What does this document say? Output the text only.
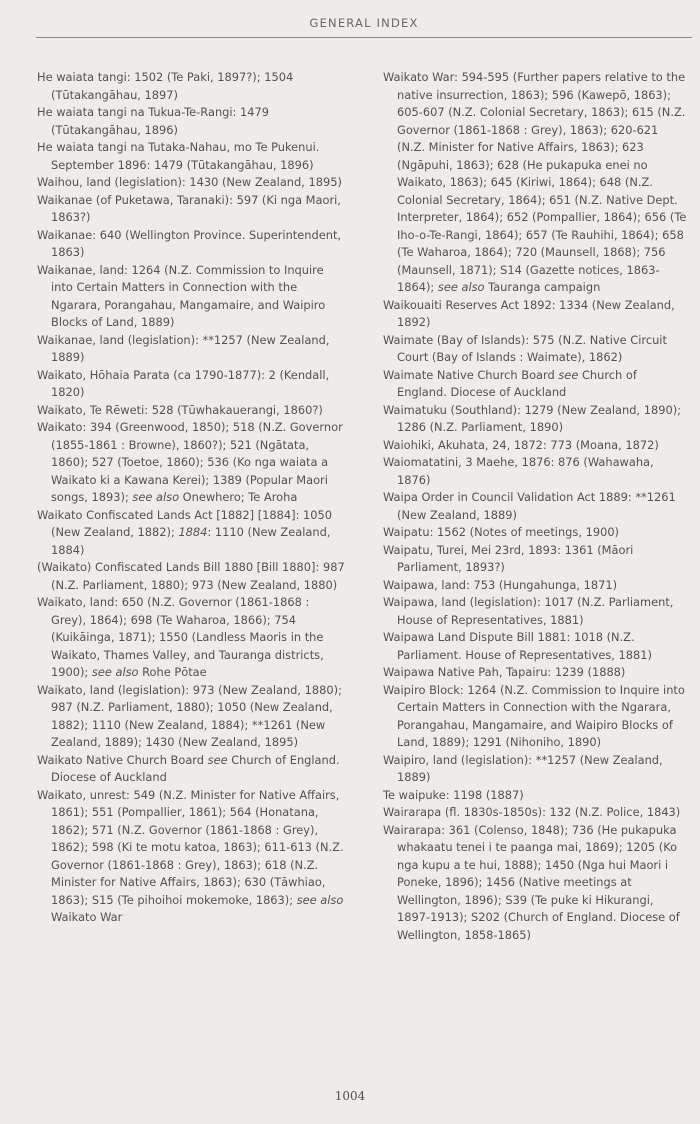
GENERAL INDEX
He waiata tangi: 1502 (Te Paki, 1897?); 1504 (Tūtakangāhau, 1897)
He waiata tangi na Tukua-Te-Rangi: 1479 (Tūtakangāhau, 1896)
He waiata tangi na Tutaka-Nahau, mo Te Pukenui. September 1896: 1479 (Tūtakangāhau, 1896)
Waihou, land (legislation): 1430 (New Zealand, 1895)
Waikanae (of Puketawa, Taranaki): 597 (Ki nga Maori, 1863?)
Waikanae: 640 (Wellington Province. Superintendent, 1863)
Waikanae, land: 1264 (N.Z. Commission to Inquire into Certain Matters in Connection with the Ngarara, Porangahau, Mangamaire, and Waipiro Blocks of Land, 1889)
Waikanae, land (legislation): **1257 (New Zealand, 1889)
Waikato, Hōhaia Parata (ca 1790-1877): 2 (Kendall, 1820)
Waikato, Te Rēweti: 528 (Tūwhakauerangi, 1860?)
Waikato: 394 (Greenwood, 1850); 518 (N.Z. Governor (1855-1861 : Browne), 1860?); 521 (Ngātata, 1860); 527 (Toetoe, 1860); 536 (Ko nga waiata a Waikato ki a Kawana Kerei); 1389 (Popular Maori songs, 1893); see also Onewhero; Te Aroha
Waikato Confiscated Lands Act [1882] [1884]: 1050 (New Zealand, 1882); 1884: 1110 (New Zealand, 1884)
(Waikato) Confiscated Lands Bill 1880 [Bill 1880]: 987 (N.Z. Parliament, 1880); 973 (New Zealand, 1880)
Waikato, land: 650 (N.Z. Governor (1861-1868 : Grey), 1864); 698 (Te Waharoa, 1866); 754 (Kuikāinga, 1871); 1550 (Landless Maoris in the Waikato, Thames Valley, and Tauranga districts, 1900); see also Rohe Pōtae
Waikato, land (legislation): 973 (New Zealand, 1880); 987 (N.Z. Parliament, 1880); 1050 (New Zealand, 1882); 1110 (New Zealand, 1884); **1261 (New Zealand, 1889); 1430 (New Zealand, 1895)
Waikato Native Church Board see Church of England. Diocese of Auckland
Waikato, unrest: 549 (N.Z. Minister for Native Affairs, 1861); 551 (Pompallier, 1861); 564 (Honatana, 1862); 571 (N.Z. Governor (1861-1868 : Grey), 1862); 598 (Ki te motu katoa, 1863); 611-613 (N.Z. Governor (1861-1868 : Grey), 1863); 618 (N.Z. Minister for Native Affairs, 1863); 630 (Tāwhiao, 1863); S15 (Te pihoihoi mokemoke, 1863); see also Waikato War
Waikato War: 594-595 (Further papers relative to the native insurrection, 1863); 596 (Kawepō, 1863); 605-607 (N.Z. Colonial Secretary, 1863); 615 (N.Z. Governor (1861-1868 : Grey), 1863); 620-621 (N.Z. Minister for Native Affairs, 1863); 623 (Ngāpuhi, 1863); 628 (He pukapuka enei no Waikato, 1863); 645 (Kiriwi, 1864); 648 (N.Z. Colonial Secretary, 1864); 651 (N.Z. Native Dept. Interpreter, 1864); 652 (Pompallier, 1864); 656 (Te Iho-o-Te-Rangi, 1864); 657 (Te Rauhihi, 1864); 658 (Te Waharoa, 1864); 720 (Maunsell, 1868); 756 (Maunsell, 1871); S14 (Gazette notices, 1863-1864); see also Tauranga campaign
Waikouaiti Reserves Act 1892: 1334 (New Zealand, 1892)
Waimate (Bay of Islands): 575 (N.Z. Native Circuit Court (Bay of Islands : Waimate), 1862)
Waimate Native Church Board see Church of England. Diocese of Auckland
Waimatuku (Southland): 1279 (New Zealand, 1890); 1286 (N.Z. Parliament, 1890)
Waiohiki, Akuhata, 24, 1872: 773 (Moana, 1872)
Waiomatatini, 3 Maehe, 1876: 876 (Wahawaha, 1876)
Waipa Order in Council Validation Act 1889: **1261 (New Zealand, 1889)
Waipatu: 1562 (Notes of meetings, 1900)
Waipatu, Turei, Mei 23rd, 1893: 1361 (Māori Parliament, 1893?)
Waipawa, land: 753 (Hungahunga, 1871)
Waipawa, land (legislation): 1017 (N.Z. Parliament, House of Representatives, 1881)
Waipawa Land Dispute Bill 1881: 1018 (N.Z. Parliament. House of Representatives, 1881)
Waipawa Native Pah, Tapairu: 1239 (1888)
Waipiro Block: 1264 (N.Z. Commission to Inquire into Certain Matters in Connection with the Ngarara, Porangahau, Mangamaire, and Waipiro Blocks of Land, 1889); 1291 (Nihoniho, 1890)
Waipiro, land (legislation): **1257 (New Zealand, 1889)
Te waipuke: 1198 (1887)
Wairarapa (fl. 1830s-1850s): 132 (N.Z. Police, 1843)
Wairarapa: 361 (Colenso, 1848); 736 (He pukapuka whakaatu tenei i te paanga mai, 1869); 1205 (Ko nga kupu a te hui, 1888); 1450 (Nga hui Maori i Poneke, 1896); 1456 (Native meetings at Wellington, 1896); S39 (Te puke ki Hikurangi, 1897-1913); S202 (Church of England. Diocese of Wellington, 1858-1865)
1004
